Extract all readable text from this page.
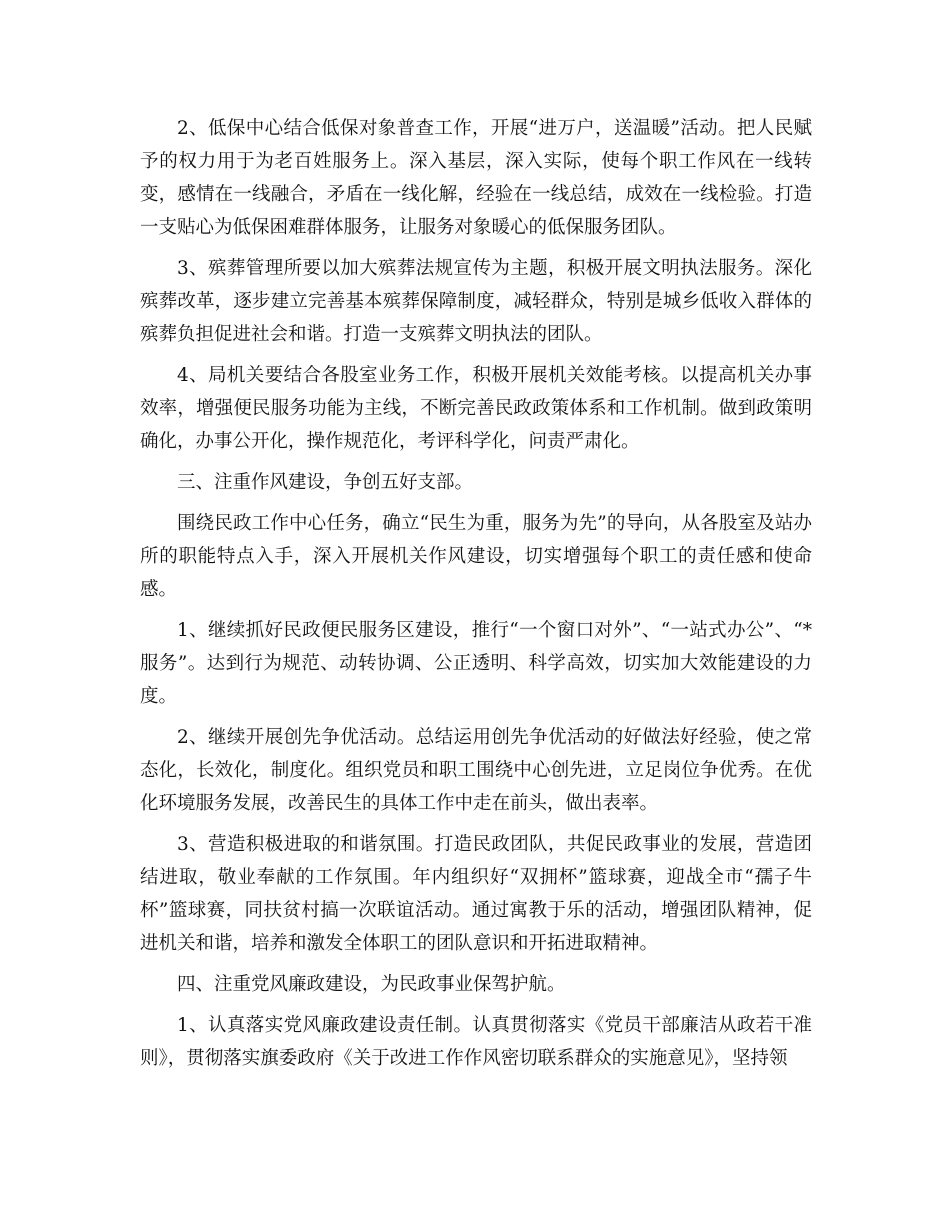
2、低保中心结合低保对象普查工作，开展“进万户，送温暖”活动。把人民赋予的权力用于为老百姓服务上。深入基层，深入实际，使每个职工作风在一线转变，感情在一线融合，矛盾在一线化解，经验在一线总结，成效在一线检验。打造一支贴心为低保困难群体服务，让服务对象暖心的低保服务团队。

3、殡葬管理所要以加大殡葬法规宣传为主题，积极开展文明执法服务。深化殡葬改革，逐步建立完善基本殡葬保障制度，减轻群众，特别是城乡低收入群体的殡葬负担促进社会和谐。打造一支殡葬文明执法的团队。

4、局机关要结合各股室业务工作，积极开展机关效能考核。以提高机关办事效率，增强便民服务功能为主线，不断完善民政政策体系和工作机制。做到政策明确化，办事公开化，操作规范化，考评科学化，问责严肃化。

三、注重作风建设，争创五好支部。

围绕民政工作中心任务，确立“民生为重，服务为先”的导向，从各股室及站办所的职能特点入手，深入开展机关作风建设，切实增强每个职工的责任感和使命感。

1、继续抓好民政便民服务区建设，推行“一个窗口对外”、“一站式办公”、“*服务”。达到行为规范、动转协调、公正透明、科学高效，切实加大效能建设的力度。

2、继续开展创先争优活动。总结运用创先争优活动的好做法好经验，使之常态化，长效化，制度化。组织党员和职工围绕中心创先进，立足岗位争优秀。在优化环境服务发展，改善民生的具体工作中走在前头，做出表率。

3、营造积极进取的和谐氛围。打造民政团队，共促民政事业的发展，营造团结进取，敬业奉献的工作氛围。年内组织好“双拥杯”篮球赛，迎战全市“孺子牛杯”篮球赛，同扶贫村搞一次联谊活动。通过寓教于乐的活动，增强团队精神，促进机关和谐，培养和激发全体职工的团队意识和开拓进取精神。

四、注重党风廉政建设，为民政事业保驾护航。

1、认真落实党风廉政建设责任制。认真贯彻落实《党员干部廉洁从政若干准则》，贯彻落实旗委政府《关于改进工作作风密切联系群众的实施意见》，坚持领
